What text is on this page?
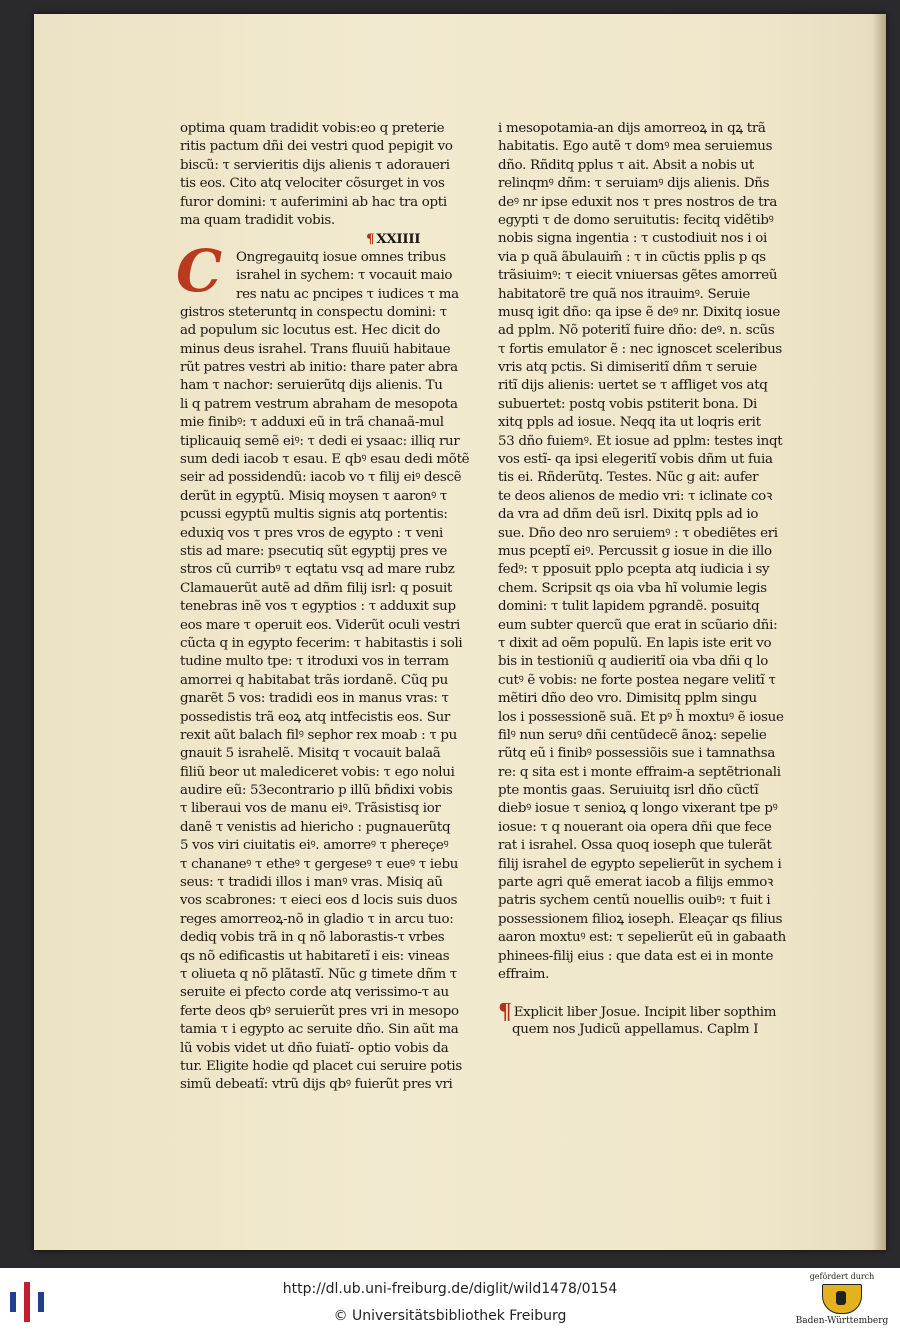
optima quam tradidit vobis:eo q preterie
ritis pactum dñi dei vestri quod pepigit vo
biscũ: τ servieritis dijs alienis τ adoraueri
tis eos. Cito atq velociter cõsurget in vos
furor domini: τ auferimini ab hac tra opti
ma quam tradidit vobis.
¶ XXIIII
Ongregauitq iosue omnes tribus
israhel in sychem: τ vocauit maio
res natu ac pncipes τ iudices τ ma
gistros steteruntq in conspectu domini: τ
ad populum sic locutus est. Hec dicit do
minus deus israhel. Trans fluuiũ habitaue
rũt patres vestri ab initio: thare pater abra
ham τ nachor: seruierũtq dijs alienis. Tu
li q patrem vestrum abraham de mesopota
mie finibꝰ: τ adduxi eũ in trã chanaã-mul
tiplicauiq semẽ eiꝰ: τ dedi ei ysaac: illiq rur
sum dedi iacob τ esau. E qbꝰ esau dedi mõtẽ
seir ad possidendũ: iacob vo τ filij eiꝰ descẽ
derũt in egyptũ. Misiq moysen τ aaronꝰ τ
pcussi egyptũ multis signis atq portentis:
eduxiq vos τ pres vros de egypto : τ veni
stis ad mare: psecutiq sũt egyptij pres ve
stros cũ curribꝰ τ eqtatu vsq ad mare rubz
Clamauerũt autẽ ad dñm filij isrl: q posuit
tenebras inẽ vos τ egyptios : τ adduxit sup
eos mare τ operuit eos. Viderũt oculi vestri
cũcta q in egypto fecerim: τ habitastis i soli
tudine multo tpe: τ itroduxi vos in terram
amorrei q habitabat trãs iordanẽ. Cũq pu
gnarẽt 5 vos: tradidi eos in manus vras: τ
possedistis trã eoꝝ atq intfecistis eos. Sur
rexit aũt balach filꝰ sephor rex moab : τ pu
gnauit 5 israhelẽ. Misitq τ vocauit balaã
filiũ beor ut malediceret vobis: τ ego nolui
audire eũ: 53econtrario p illũ bñdixi vobis
τ liberaui vos de manu eiꝰ. Trãsistisq ior
danẽ τ venistis ad hiericho : pugnauerũtq
5 vos viri ciuitatis eiꝰ. amorreꝰ τ phereçeꝰ
τ chananeꝰ τ etheꝰ τ gergeseꝰ τ eueꝰ τ iebu
seus: τ tradidi illos i manꝰ vras. Misiq aũ
vos scabrones: τ eieci eos d locis suis duos
reges amorreoꝝ-nõ in gladio τ in arcu tuo:
dediq vobis trã in q nõ laborastis-τ vrbes
qs nõ edificastis ut habitaretĩ i eis: vineas
τ oliueta q nõ plãtastĩ. Nũc g timete dñm τ
seruite ei pfecto corde atq verissimo-τ au
ferte deos qbꝰ seruierũt pres vri in mesopo
tamia τ i egypto ac seruite dño. Sin aũt ma
lũ vobis videt ut dño fuiatĩ- optio vobis da
tur. Eligite hodie qd placet cui seruire potis
simũ debeatĩ: vtrũ dijs qbꝰ fuierũt pres vri
C
i mesopotamia-an dijs amorreoꝝ in qꝝ trã
habitatis. Ego autẽ τ domꝰ mea seruiemus
dño. Rñditq pplus τ ait. Absit a nobis ut
relinqmꝰ dñm: τ seruiamꝰ dijs alienis. Dñs
deꝰ nr ipse eduxit nos τ pres nostros de tra
egypti τ de domo seruitutis: fecitq vidẽtibꝰ
nobis signa ingentia : τ custodiuit nos i oi
via p quã ãbulauim̃ : τ in cũctis pplis p qs
trãsiuimꝰ: τ eiecit vniuersas gẽtes amorreũ
habitatorẽ tre quã nos itrauimꝰ. Seruie
musq igit dño: qa ipse ẽ deꝰ nr. Dixitq iosue
ad pplm. Nõ poteritĩ fuire dño: deꝰ. n. scũs
τ fortis emulator ẽ : nec ignoscet sceleribus
vris atq pctis. Si dimiseritĩ dñm τ seruie
ritĩ dijs alienis: uertet se τ affliget vos atq
subuertet: postq vobis pstiterit bona. Di
xitq ppls ad iosue. Neqq ita ut loqris erit
53 dño fuiemꝰ. Et iosue ad pplm: testes inqt
vos estĩ- qa ipsi elegeritĩ vobis dñm ut fuia
tis ei. Rñderũtq. Testes. Nũc g ait: aufer
te deos alienos de medio vri: τ iclinate coꝛ
da vra ad dñm deũ isrl. Dixitq ppls ad io
sue. Dño deo nro seruiemꝰ : τ obediẽtes eri
mus pceptĩ eiꝰ. Percussit g iosue in die illo
fedꝰ: τ pposuit pplo pcepta atq iudicia i sy
chem. Scripsit qs oia vba hĩ volumie legis
domini: τ tulit lapidem pgrandẽ. posuitq
eum subter quercũ que erat in scũario dñi:
τ dixit ad oẽm populũ. En lapis iste erit vo
bis in testioniũ q audieritĩ oia vba dñi q lo
cutꝰ ẽ vobis: ne forte postea negare velitĩ τ
mẽtiri dño deo vro. Dimisitq pplm singu
los i possessionẽ suã. Et pꝰ h̃ moxtuꝰ ẽ iosue
filꝰ nun seruꝰ dñi centũdecẽ ãnoꝝ: sepelie
rũtq eũ i finibꝰ possessiõis sue i tamnathsa
re: q sita est i monte effraim-a septẽtrionali
pte montis gaas. Seruiuitq isrl dño cũctĩ
diebꝰ iosue τ senioꝝ q longo vixerant tpe pꝰ
iosue: τ q nouerant oia opera dñi que fece
rat i israhel. Ossa quoq ioseph que tulerãt
filij israhel de egypto sepelierũt in sychem i
parte agri quẽ emerat iacob a filijs emmoꝛ
patris sychem centũ nouellis ouibꝰ: τ fuit i
possessionem filioꝝ ioseph. Eleaçar qs filius
aaron moxtuꝰ est: τ sepelierũt eũ in gabaath
phinees-filij eius : que data est ei in monte
effraim.
¶ Explicit liber Josue. Incipit liber sopthim
quem nos Judicũ appellamus. Caplm I
http://dl.ub.uni-freiburg.de/diglit/wild1478/0154
© Universitätsbibliothek Freiburg
gefördert durch
Baden-Württemberg
